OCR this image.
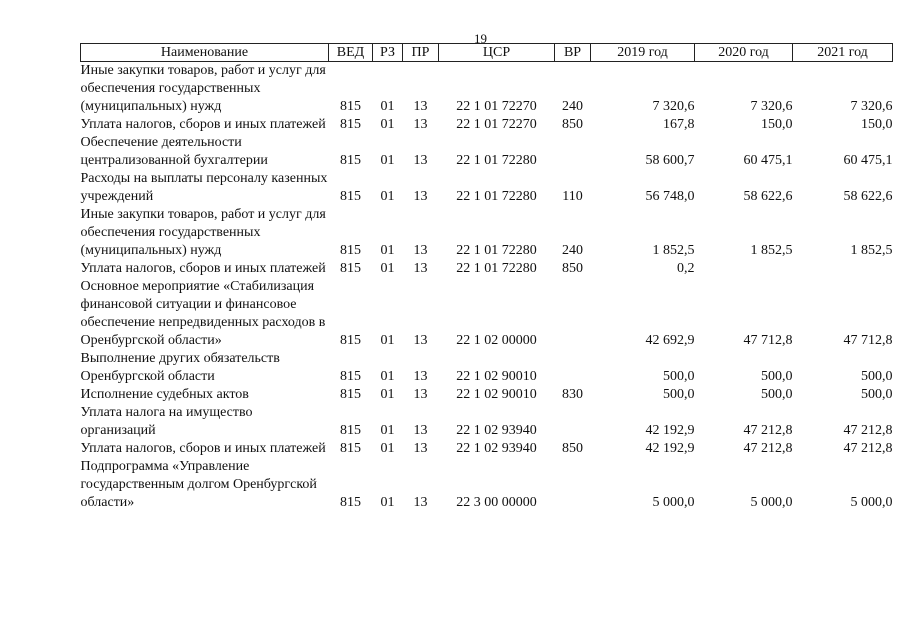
19
Наименование	ВЕД	РЗ	ПР	ЦСР	ВР	2019 год	2020 год	2021 год
Иные закупки товаров, работ и услуг для обеспечения государственных (муниципальных) нужд	815	01	13	22 1 01 72270	240	7 320,6	7 320,6	7 320,6
Уплата налогов, сборов и иных платежей	815	01	13	22 1 01 72270	850	167,8	150,0	150,0
Обеспечение деятельности централизованной бухгалтерии	815	01	13	22 1 01 72280		58 600,7	60 475,1	60 475,1
Расходы на выплаты персоналу казенных учреждений	815	01	13	22 1 01 72280	110	56 748,0	58 622,6	58 622,6
Иные закупки товаров, работ и услуг для обеспечения государственных (муниципальных) нужд	815	01	13	22 1 01 72280	240	1 852,5	1 852,5	1 852,5
Уплата налогов, сборов и иных платежей	815	01	13	22 1 01 72280	850	0,2		
Основное мероприятие «Стабилизация финансовой ситуации и финансовое обеспечение непредвиденных расходов в Оренбургской области»	815	01	13	22 1 02 00000		42 692,9	47 712,8	47 712,8
Выполнение других обязательств Оренбургской области	815	01	13	22 1 02 90010		500,0	500,0	500,0
Исполнение судебных актов	815	01	13	22 1 02 90010	830	500,0	500,0	500,0
Уплата налога на имущество организаций	815	01	13	22 1 02 93940		42 192,9	47 212,8	47 212,8
Уплата налогов, сборов и иных платежей	815	01	13	22 1 02 93940	850	42 192,9	47 212,8	47 212,8
Подпрограмма «Управление государственным долгом Оренбургской области»	815	01	13	22 3 00 00000		5 000,0	5 000,0	5 000,0
